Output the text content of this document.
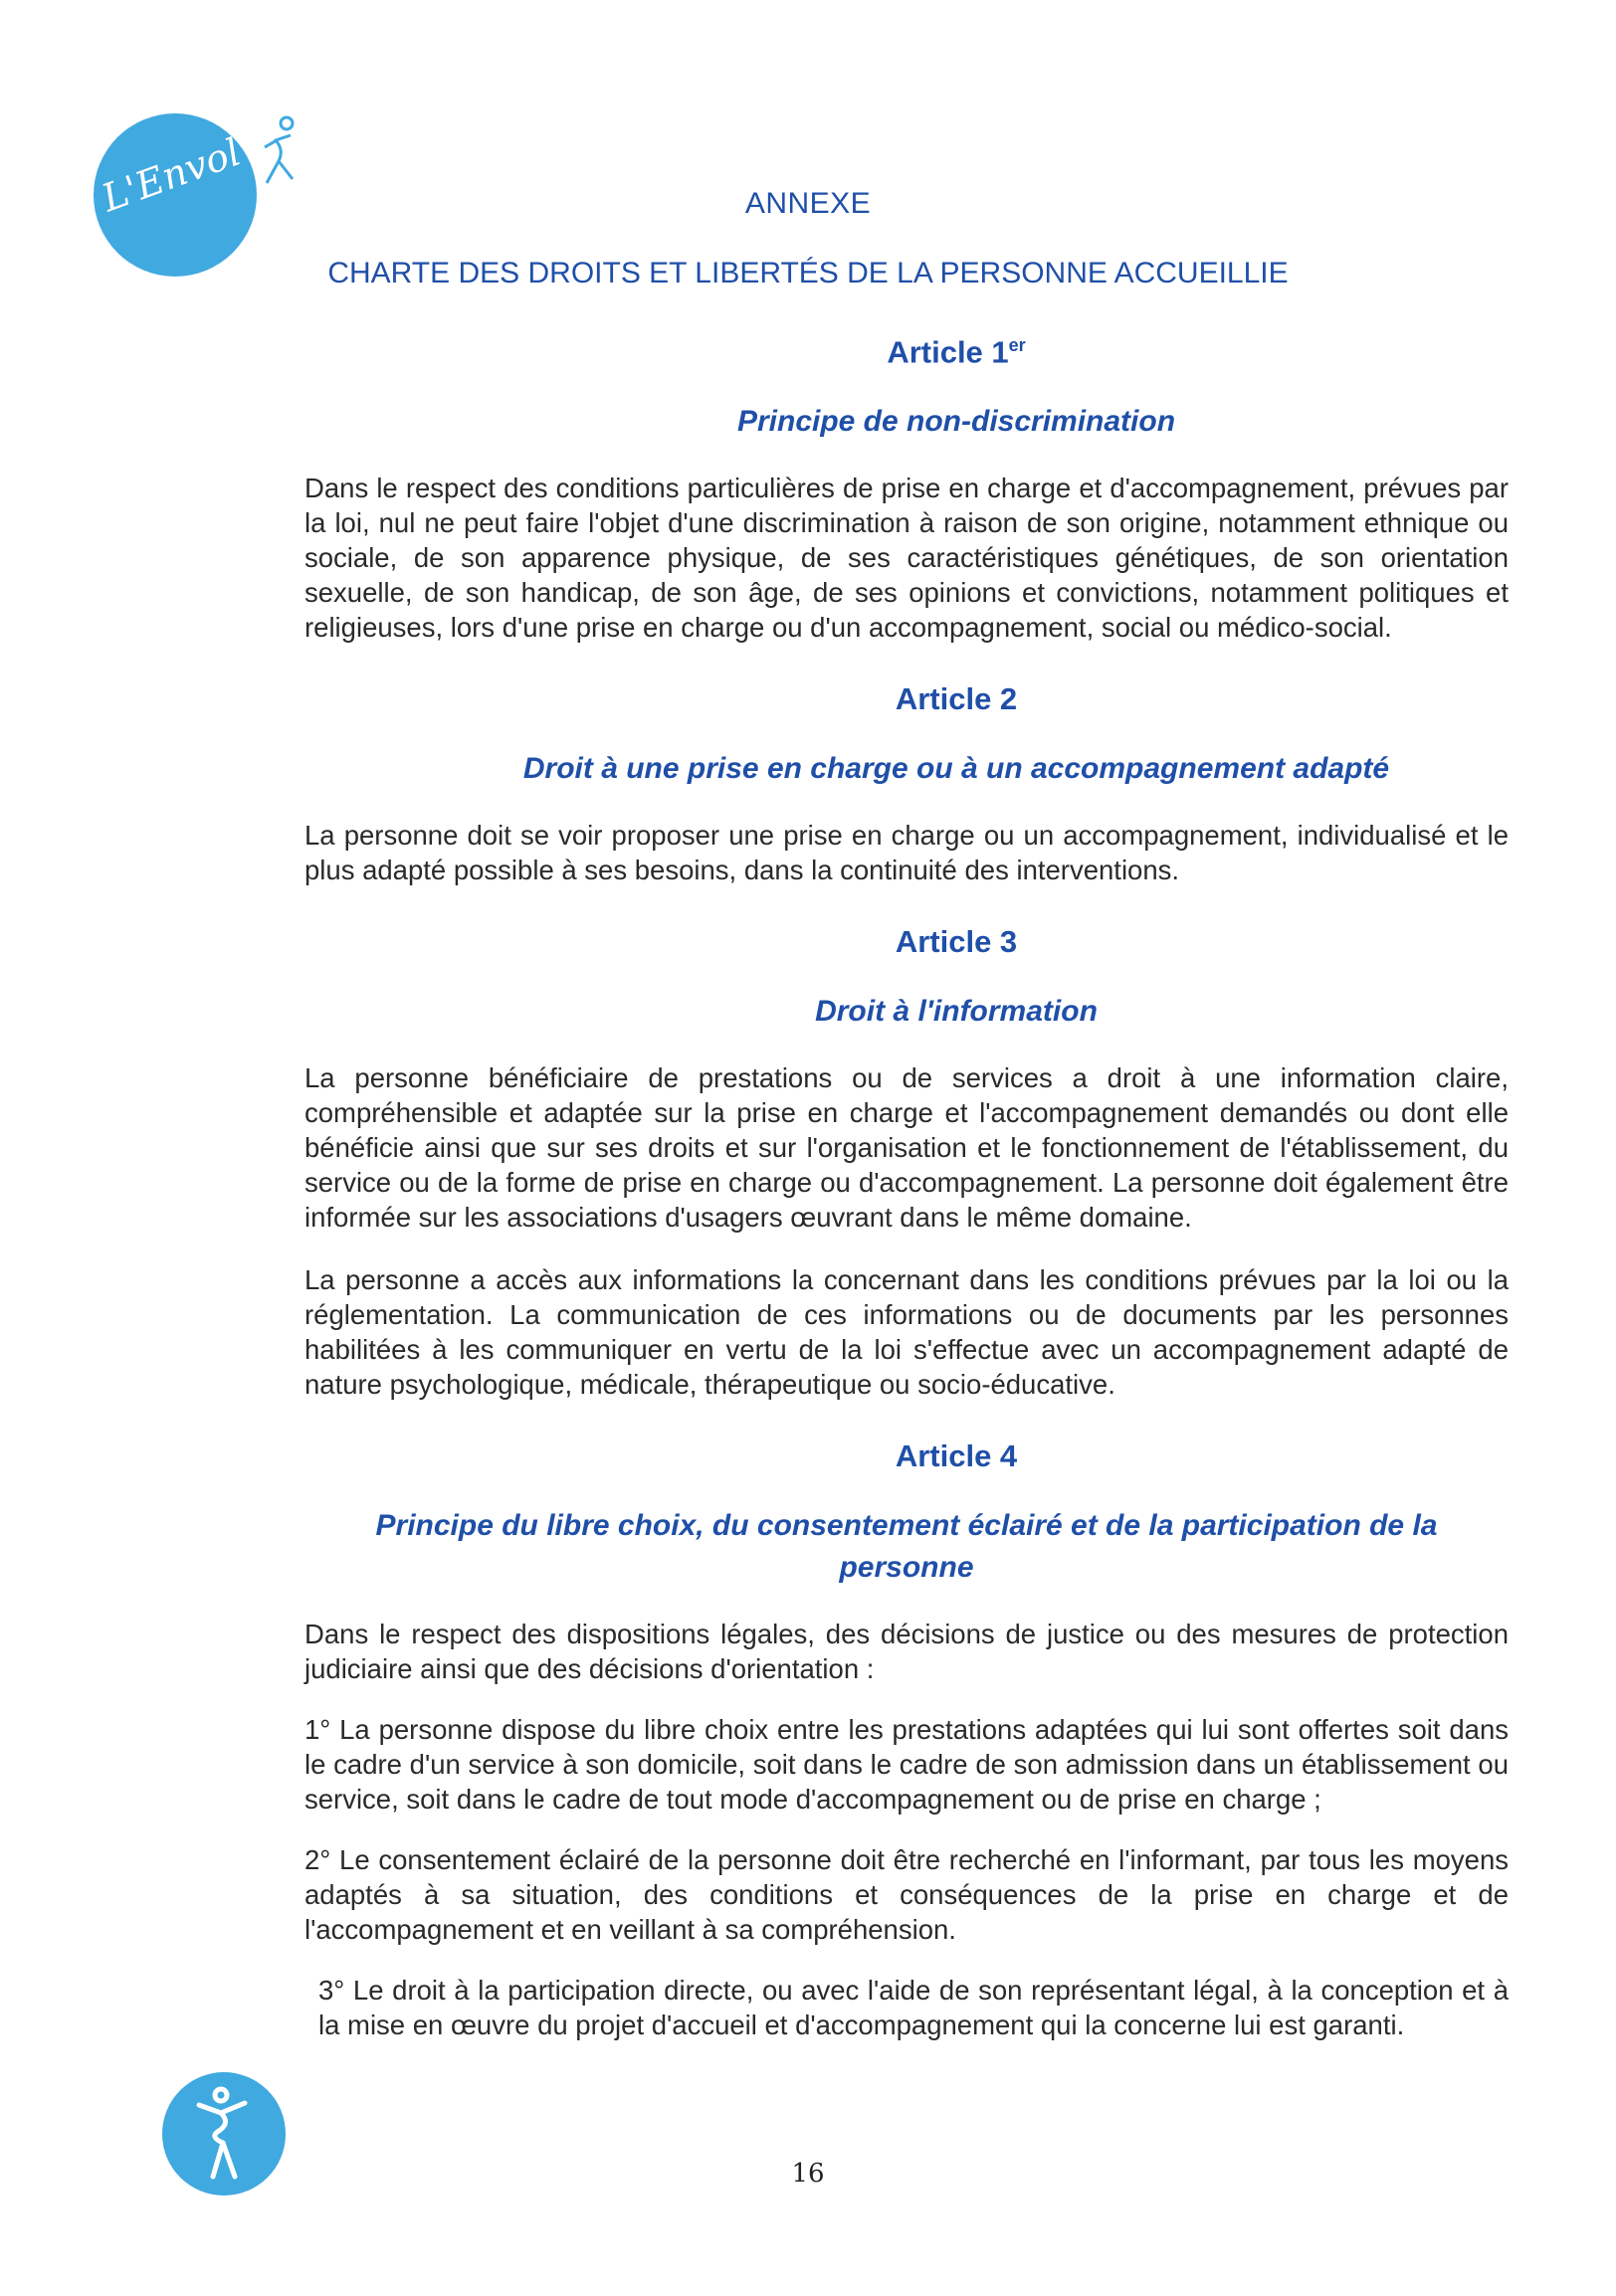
L'Envol	ANNEXE
CHARTE DES DROITS ET LIBERTÉS DE LA PERSONNE ACCUEILLIE
Article 1er
Principe de non-discrimination

Dans le respect des conditions particulières de prise en charge et d'accompagnement, prévues par la loi, nul ne peut faire l'objet d'une discrimination à raison de son origine, notamment ethnique ou sociale, de son apparence physique, de ses caractéristiques génétiques, de son orientation sexuelle, de son handicap, de son âge, de ses opinions et convictions, notamment politiques et religieuses, lors d'une prise en charge ou d'un accompagnement, social ou médico-social.

Article 2
Droit à une prise en charge ou à un accompagnement adapté

La personne doit se voir proposer une prise en charge ou un accompagnement, individualisé et le plus adapté possible à ses besoins, dans la continuité des interventions.

Article 3
Droit à l'information

La personne bénéficiaire de prestations ou de services a droit à une information claire, compréhensible et adaptée sur la prise en charge et l'accompagnement demandés ou dont elle bénéficie ainsi que sur ses droits et sur l'organisation et le fonctionnement de l'établissement, du service ou de la forme de prise en charge ou d'accompagnement. La personne doit également être informée sur les associations d'usagers œuvrant dans le même domaine.

La personne a accès aux informations la concernant dans les conditions prévues par la loi ou la réglementation. La communication de ces informations ou de documents par les personnes habilitées à les communiquer en vertu de la loi s'effectue avec un accompagnement adapté de nature psychologique, médicale, thérapeutique ou socio-éducative.

Article 4
Principe du libre choix, du consentement éclairé et de la participation de la personne

Dans le respect des dispositions légales, des décisions de justice ou des mesures de protection judiciaire ainsi que des décisions d'orientation :

1° La personne dispose du libre choix entre les prestations adaptées qui lui sont offertes soit dans le cadre d'un service à son domicile, soit dans le cadre de son admission dans un établissement ou service, soit dans le cadre de tout mode d'accompagnement ou de prise en charge ;

2° Le consentement éclairé de la personne doit être recherché en l'informant, par tous les moyens adaptés à sa situation, des conditions et conséquences de la prise en charge et de l'accompagnement et en veillant à sa compréhension.

3° Le droit à la participation directe, ou avec l'aide de son représentant légal, à la conception et à la mise en œuvre du projet d'accueil et d'accompagnement qui la concerne lui est garanti.

16
